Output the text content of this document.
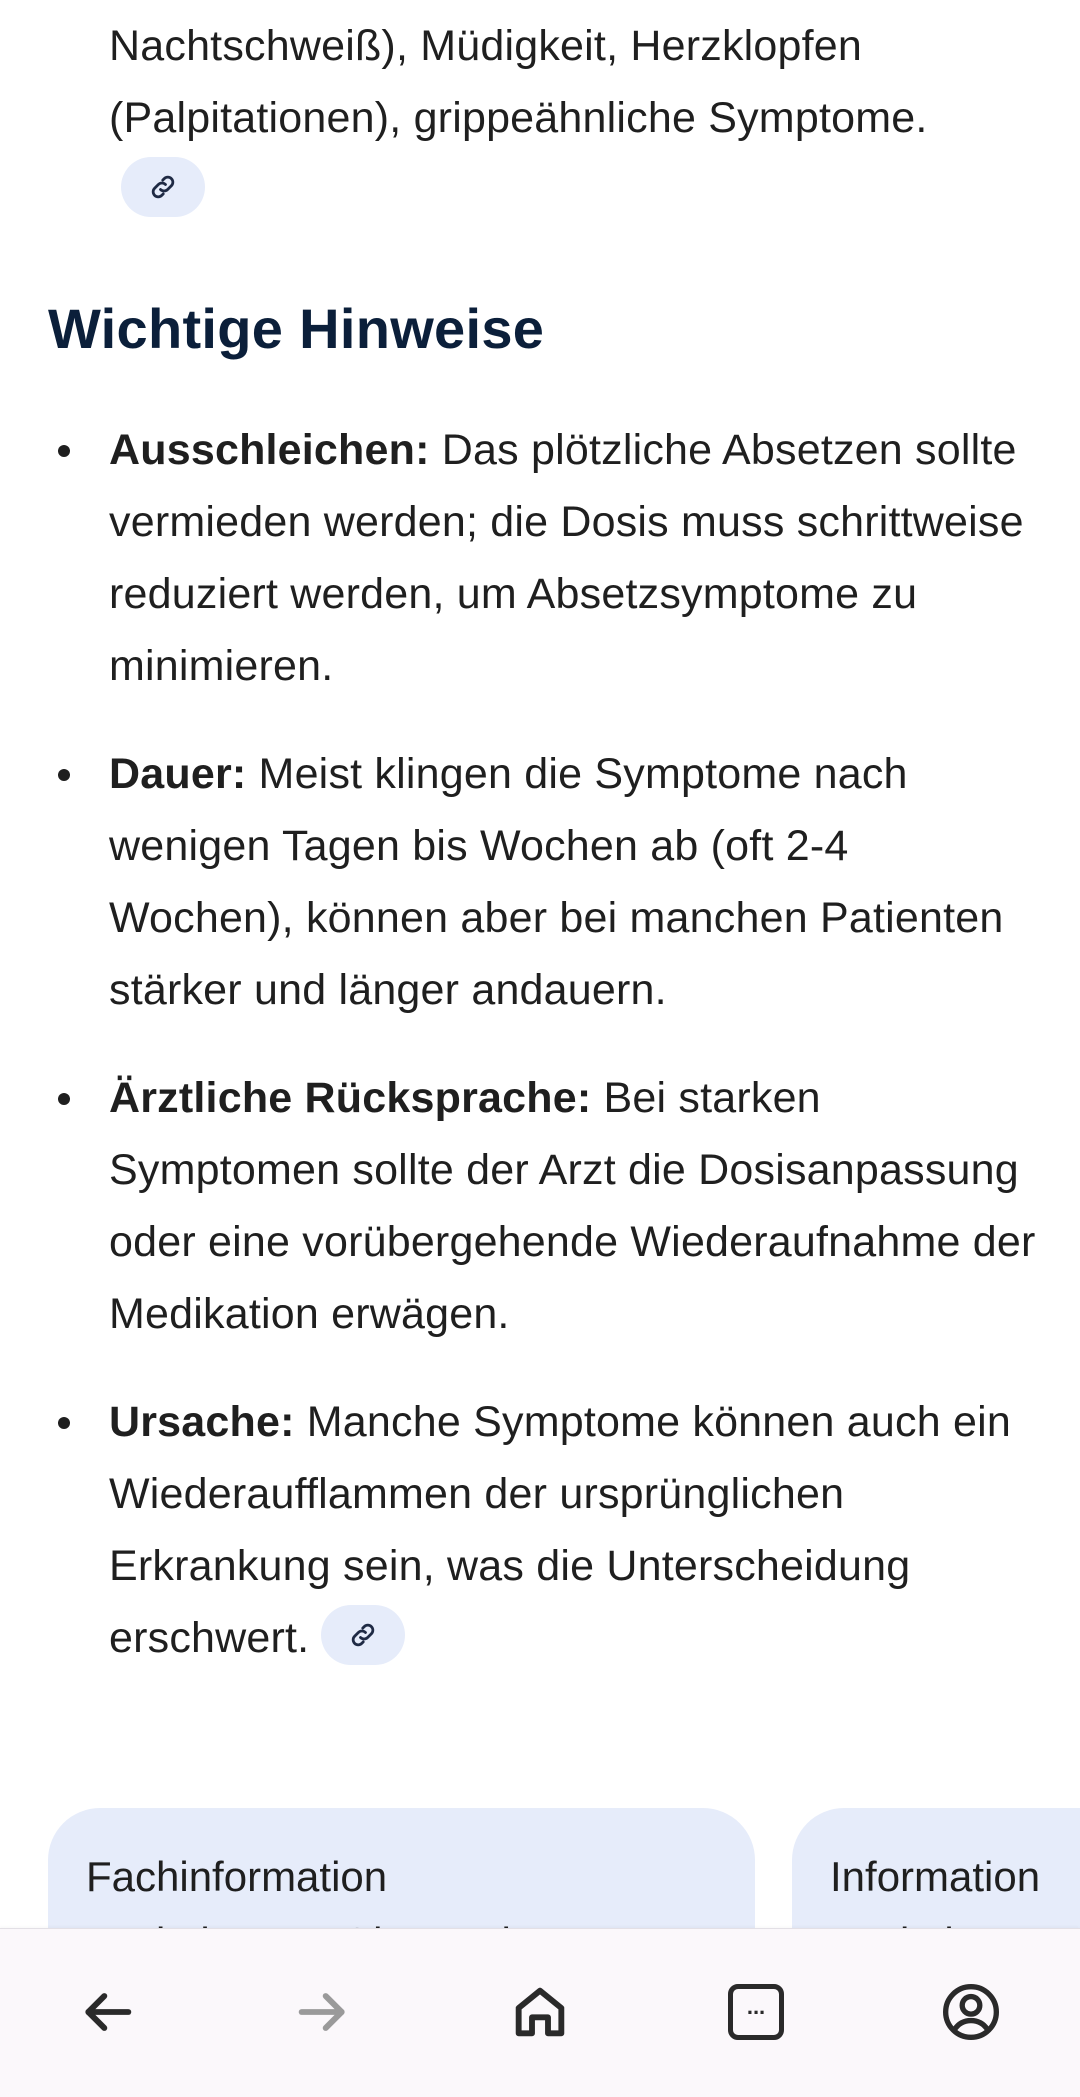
Nachtschweiß), Müdigkeit, Herzklopfen (Palpitationen), grippeähnliche Symptome.
Wichtige Hinweise
Ausschleichen: Das plötzliche Absetzen sollte vermieden werden; die Dosis muss schrittweise reduziert werden, um Absetzsymptome zu minimieren.
Dauer: Meist klingen die Symptome nach wenigen Tagen bis Wochen ab (oft 2-4 Wochen), können aber bei manchen Patienten stärker und länger andauern.
Ärztliche Rücksprache: Bei starken Symptomen sollte der Arzt die Dosisanpassung oder eine vorübergehende Wiederaufnahme der Medikation erwägen.
Ursache: Manche Symptome können auch ein Wiederaufflammen der ursprünglichen Erkrankung sein, was die Unterscheidung erschwert.
Fachinformation	Information
...
